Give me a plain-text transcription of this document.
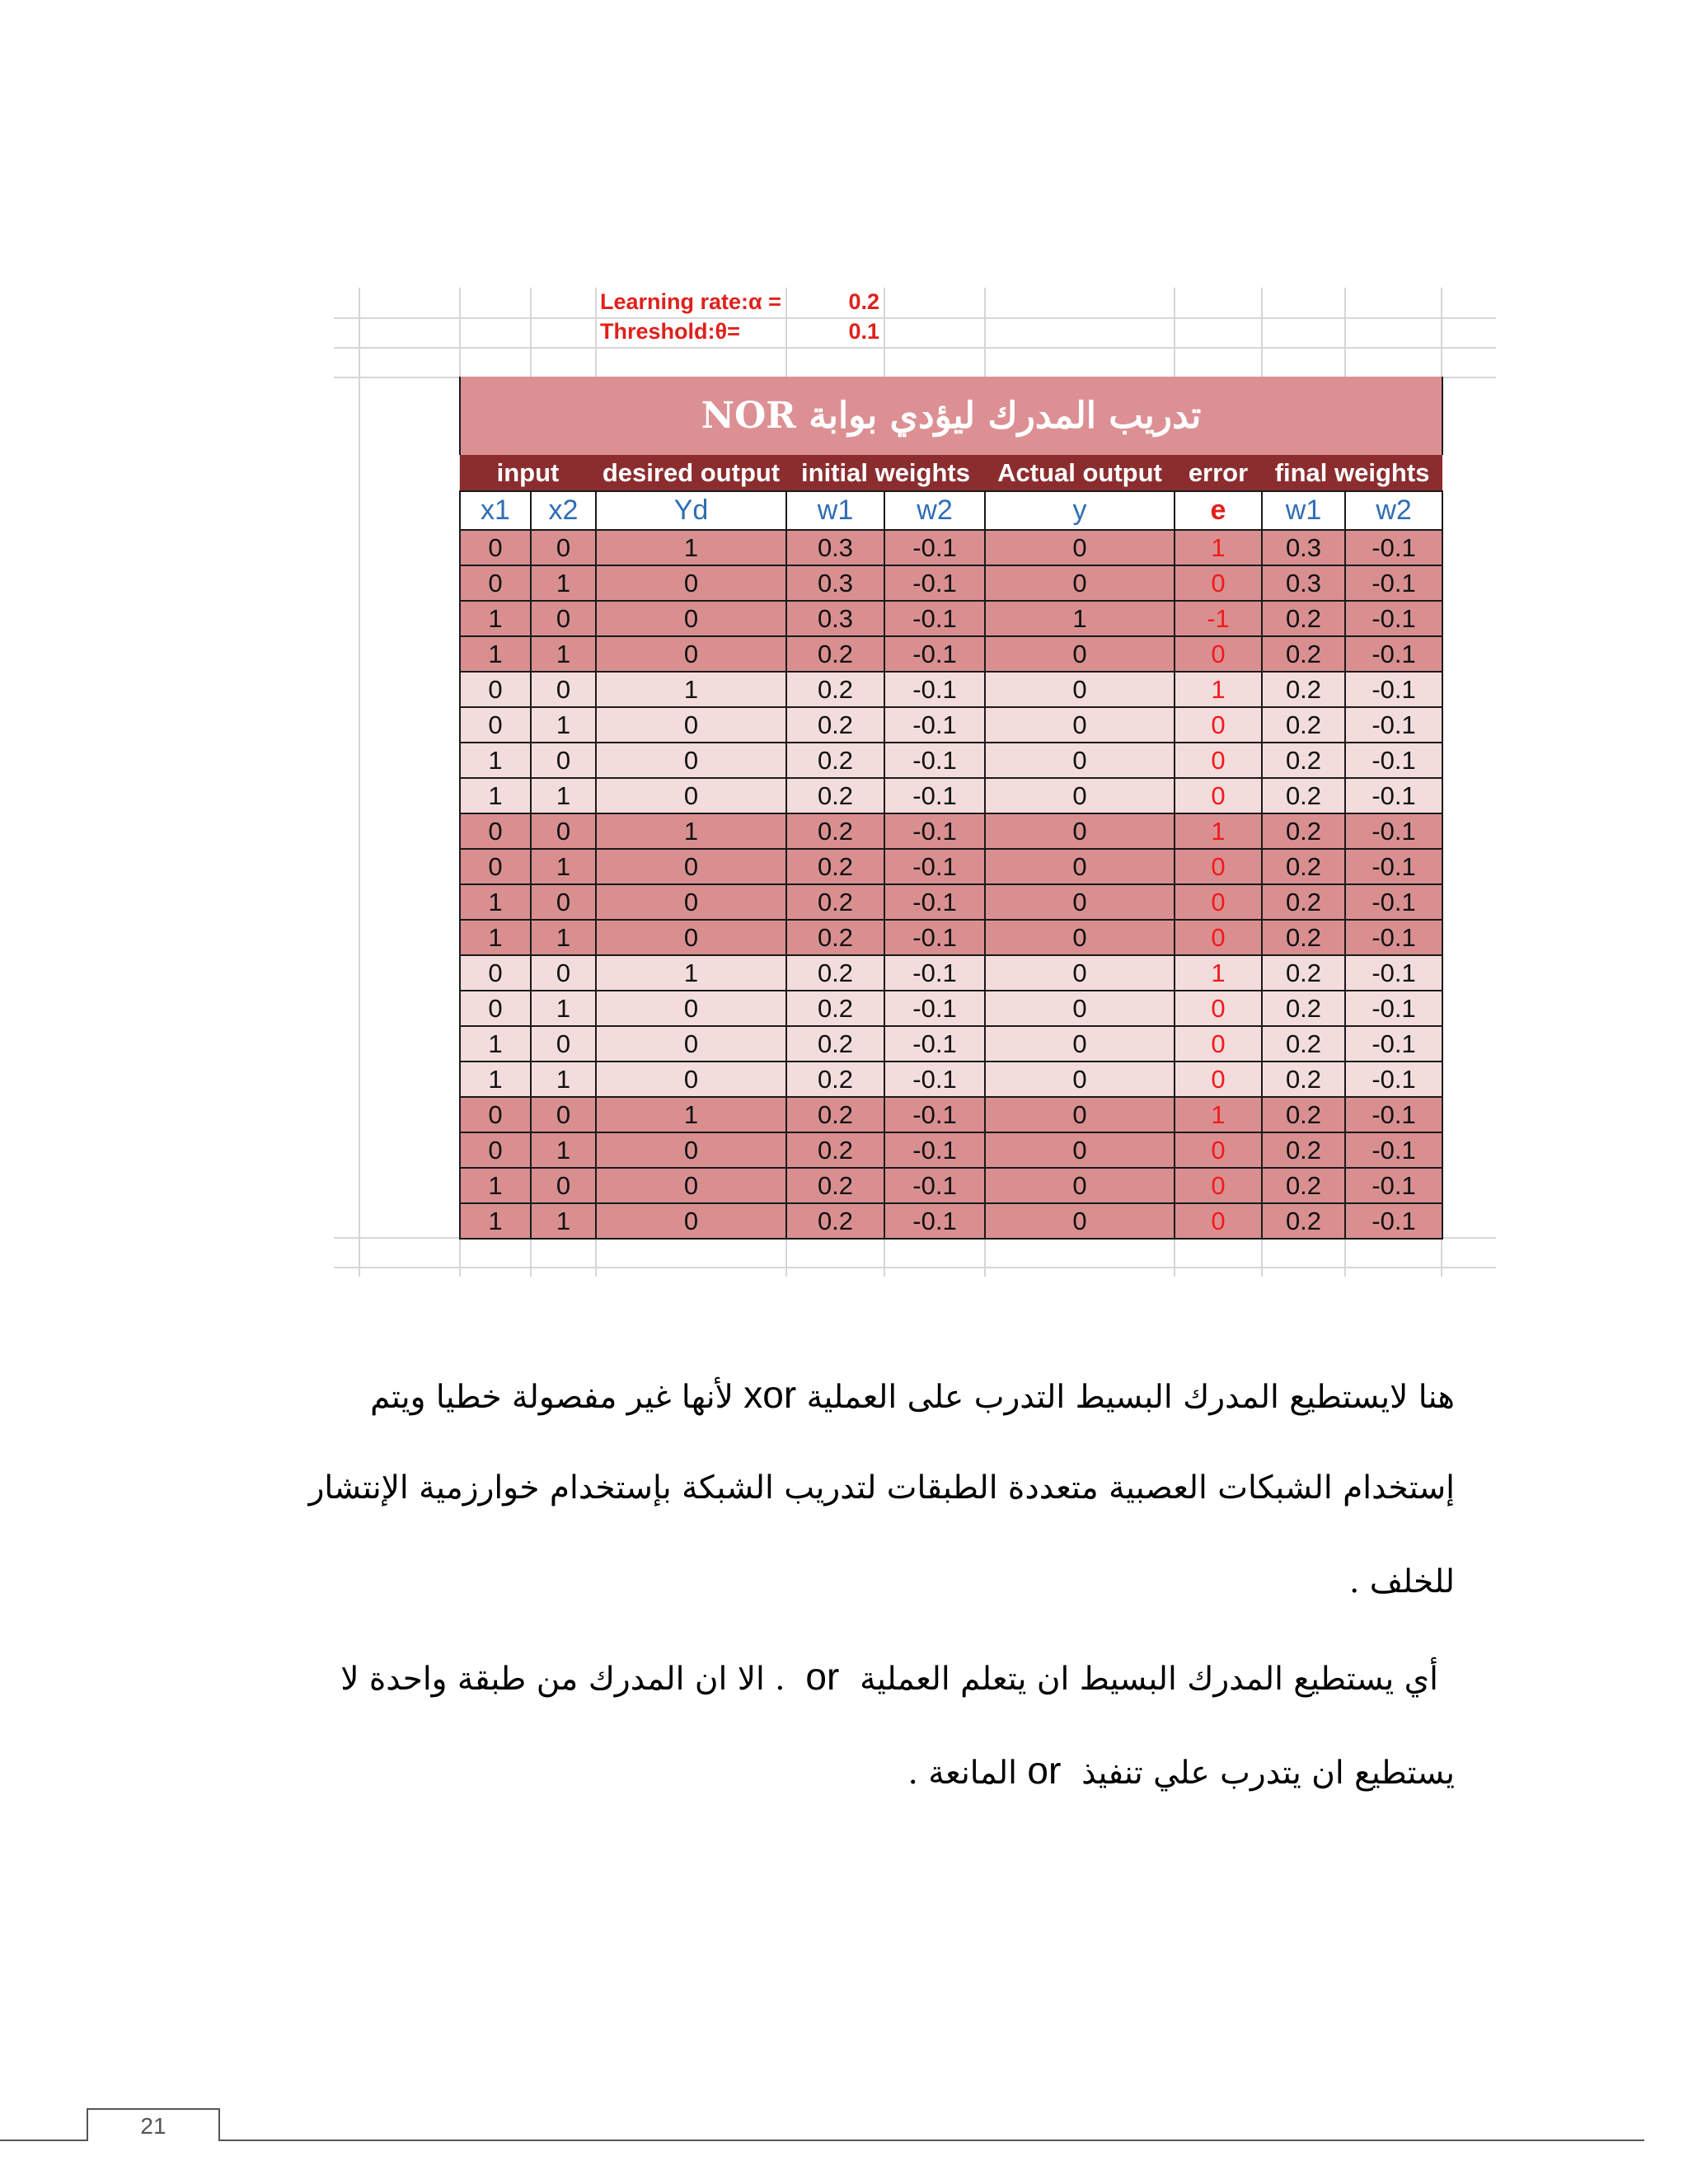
Learning rate:α =	0.2
Threshold:θ=	0.1
تدريب المدرك ليؤدي بوابة NOR								
input		desired output	initial weights		Actual output	error	final weights	
x1	x2	Yd	w1	w2	y	e	w1	w2
0	0	1	0.3	-0.1	0	1	0.3	-0.1
0	1	0	0.3	-0.1	0	0	0.3	-0.1
1	0	0	0.3	-0.1	1	-1	0.2	-0.1
1	1	0	0.2	-0.1	0	0	0.2	-0.1
0	0	1	0.2	-0.1	0	1	0.2	-0.1
0	1	0	0.2	-0.1	0	0	0.2	-0.1
1	0	0	0.2	-0.1	0	0	0.2	-0.1
1	1	0	0.2	-0.1	0	0	0.2	-0.1
0	0	1	0.2	-0.1	0	1	0.2	-0.1
0	1	0	0.2	-0.1	0	0	0.2	-0.1
1	0	0	0.2	-0.1	0	0	0.2	-0.1
1	1	0	0.2	-0.1	0	0	0.2	-0.1
0	0	1	0.2	-0.1	0	1	0.2	-0.1
0	1	0	0.2	-0.1	0	0	0.2	-0.1
1	0	0	0.2	-0.1	0	0	0.2	-0.1
1	1	0	0.2	-0.1	0	0	0.2	-0.1
0	0	1	0.2	-0.1	0	1	0.2	-0.1
0	1	0	0.2	-0.1	0	0	0.2	-0.1
1	0	0	0.2	-0.1	0	0	0.2	-0.1
1	1	0	0.2	-0.1	0	0	0.2	-0.1

هنا لايستطيع المدرك البسيط التدرب على العملية xor لأنها غير مفصولة خطيا ويتم

إستخدام الشبكات العصبية متعددة الطبقات لتدريب الشبكة بإستخدام خوارزمية الإنتشار

للخلف .

أي يستطيع المدرك البسيط ان يتعلم العملية  or  . الا ان المدرك من طبقة واحدة لا

يستطيع ان يتدرب علي تنفيذ  or المانعة .

21
